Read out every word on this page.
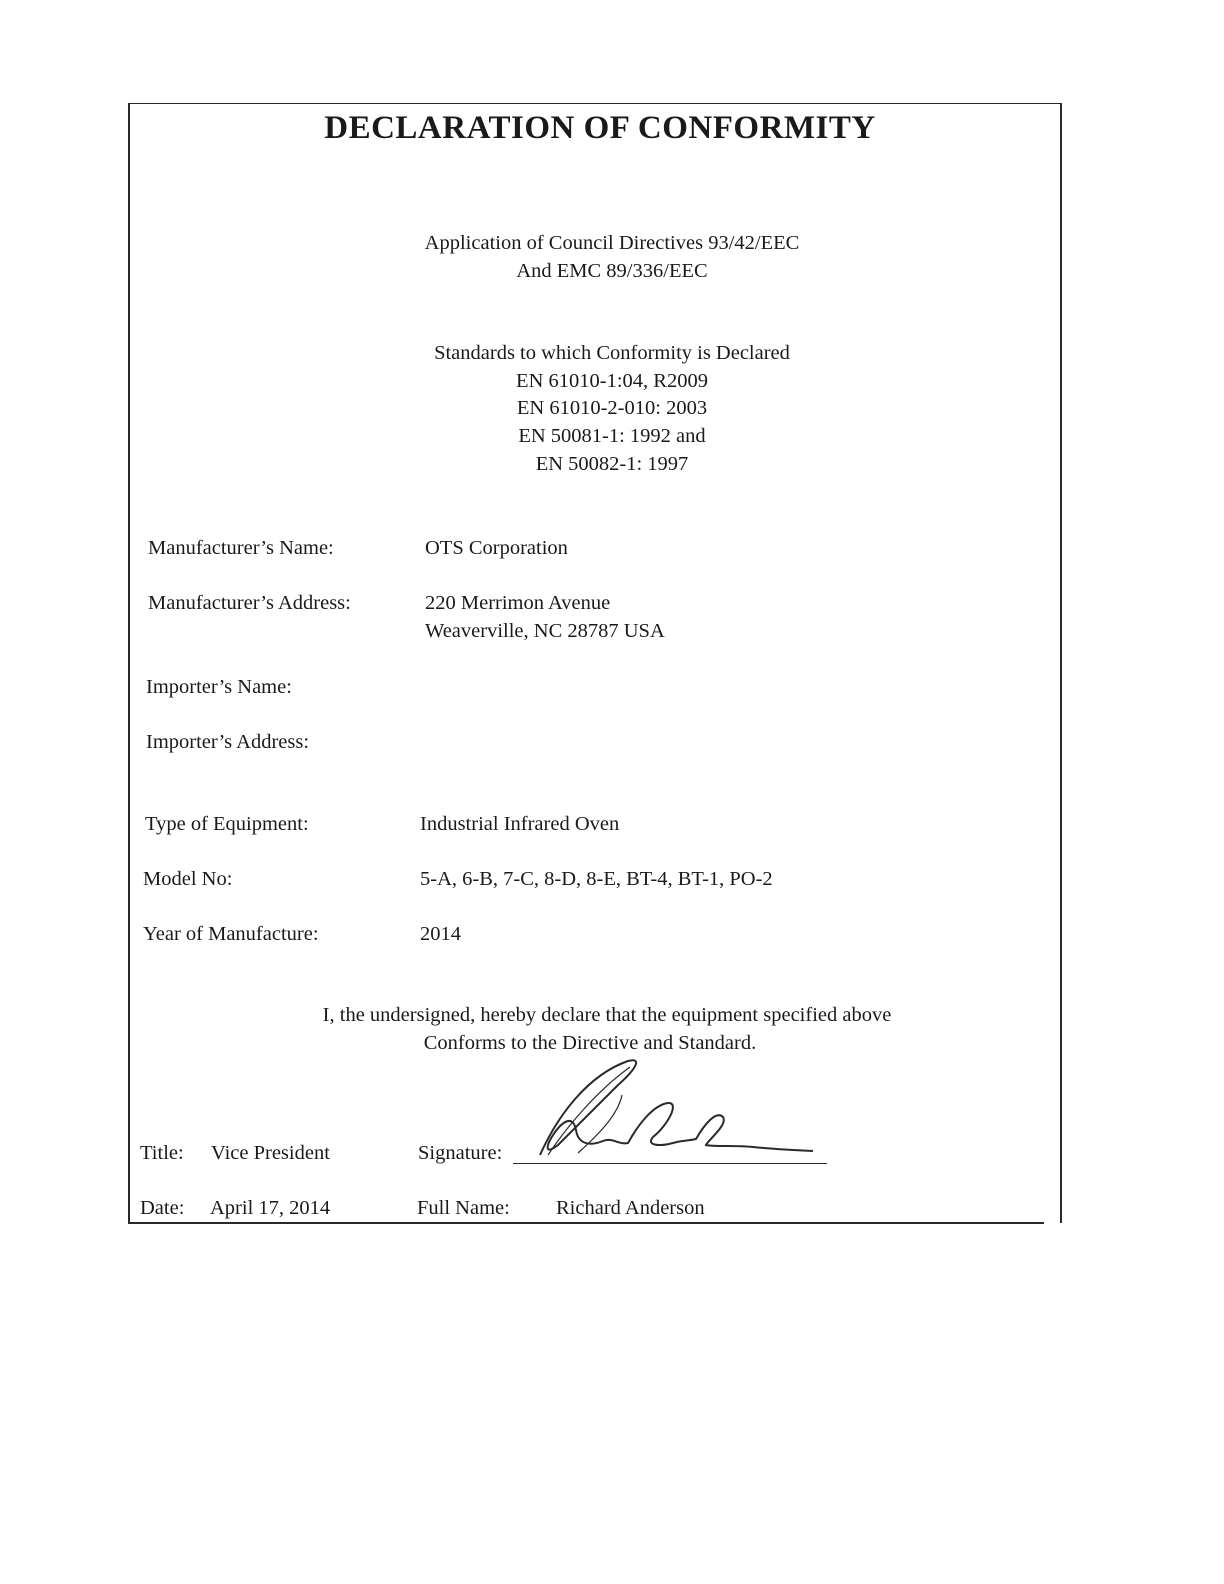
DECLARATION OF CONFORMITY
Application of Council Directives 93/42/EEC
And EMC 89/336/EEC
Standards to which Conformity is Declared
EN 61010-1:04, R2009
EN 61010-2-010: 2003
EN 50081-1: 1992 and
EN 50082-1: 1997
Manufacturer’s Name:	OTS Corporation
Manufacturer’s Address:	220 Merrimon Avenue
Weaverville, NC 28787 USA
Importer’s Name:
Importer’s Address:
Type of Equipment:	Industrial Infrared Oven
Model No:	5-A, 6-B, 7-C, 8-D, 8-E, BT-4, BT-1, PO-2
Year of Manufacture:	2014
I, the undersigned, hereby declare that the equipment specified above
Conforms to the Directive and Standard.
Title: Vice President	Signature:
Date: April 17, 2014	Full Name: Richard Anderson
